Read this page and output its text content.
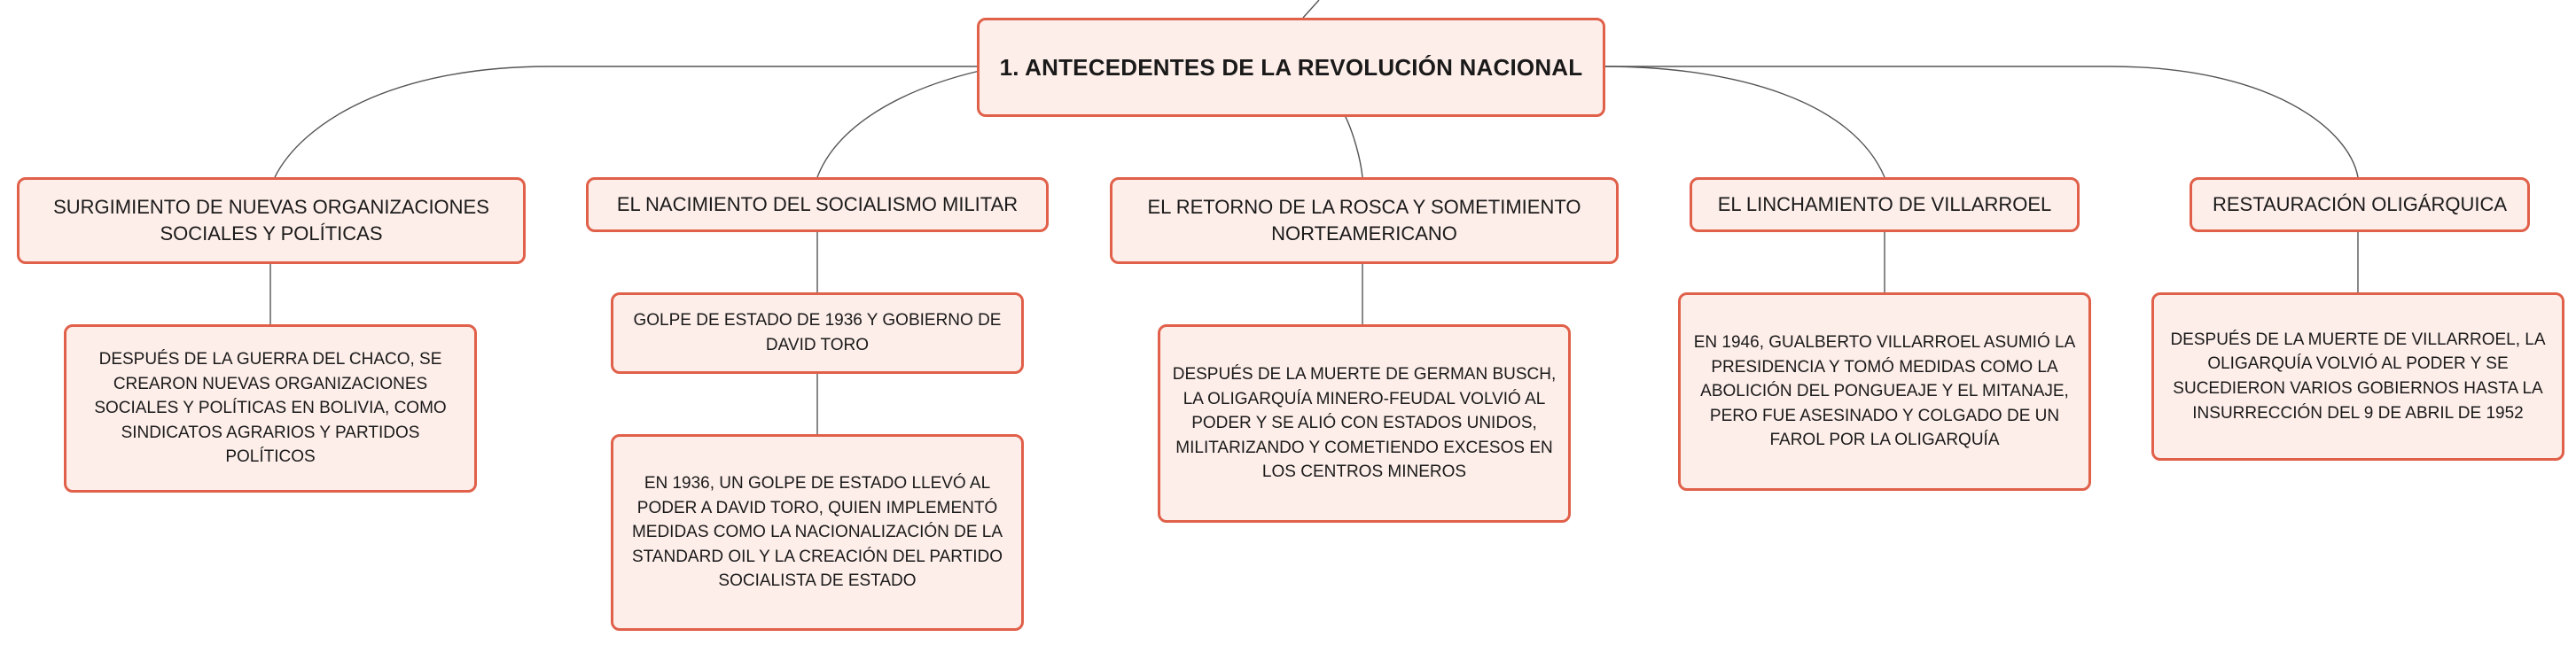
1. ANTECEDENTES DE LA REVOLUCIÓN NACIONAL
SURGIMIENTO DE NUEVAS ORGANIZACIONES SOCIALES Y POLÍTICAS
EL NACIMIENTO DEL SOCIALISMO MILITAR	EL RETORNO DE LA ROSCA Y SOMETIMIENTO NORTEAMERICANO
EL LINCHAMIENTO DE VILLARROEL	RESTAURACIÓN OLIGÁRQUICA
DESPUÉS DE LA GUERRA DEL CHACO, SE CREARON NUEVAS ORGANIZACIONES SOCIALES Y POLÍTICAS EN BOLIVIA, COMO SINDICATOS AGRARIOS Y PARTIDOS POLÍTICOS
GOLPE DE ESTADO DE 1936 Y GOBIERNO DE DAVID TORO
EN 1936, UN GOLPE DE ESTADO LLEVÓ AL PODER A DAVID TORO, QUIEN IMPLEMENTÓ MEDIDAS COMO LA NACIONALIZACIÓN DE LA STANDARD OIL Y LA CREACIÓN DEL PARTIDO SOCIALISTA DE ESTADO
DESPUÉS DE LA MUERTE DE GERMAN BUSCH, LA OLIGARQUÍA MINERO-FEUDAL VOLVIÓ AL PODER Y SE ALIÓ CON ESTADOS UNIDOS, MILITARIZANDO Y COMETIENDO EXCESOS EN LOS CENTROS MINEROS
EN 1946, GUALBERTO VILLARROEL ASUMIÓ LA PRESIDENCIA Y TOMÓ MEDIDAS COMO LA ABOLICIÓN DEL PONGUEAJE Y EL MITANAJE, PERO FUE ASESINADO Y COLGADO DE UN FAROL POR LA OLIGARQUÍA
DESPUÉS DE LA MUERTE DE VILLARROEL, LA OLIGARQUÍA VOLVIÓ AL PODER Y SE SUCEDIERON VARIOS GOBIERNOS HASTA LA INSURRECCIÓN DEL 9 DE ABRIL DE 1952
